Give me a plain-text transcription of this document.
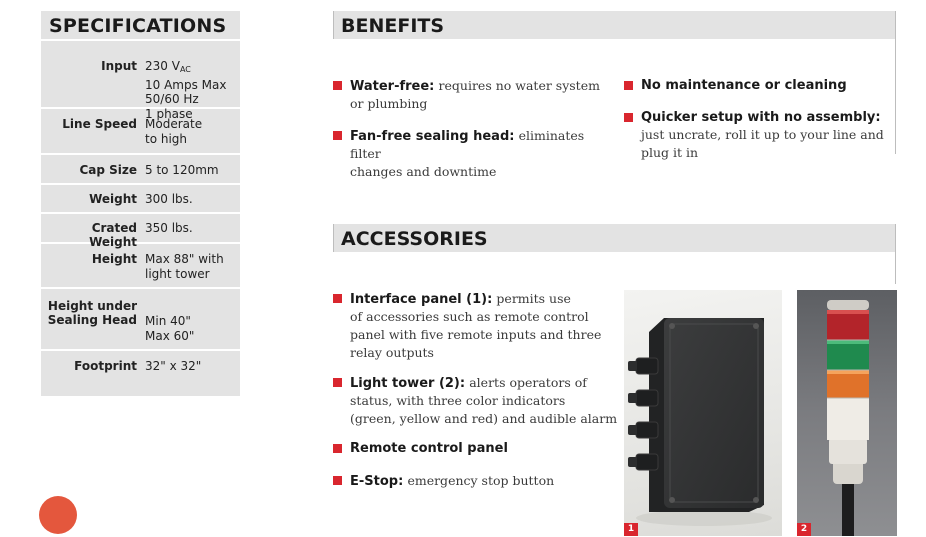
SPECIFICATIONS
Input 230 $V_{AC}$
10 Amps Max
50/60 Hz
1 phase
Line Speed Moderate
to high
Cap Size 5 to 120mm
Weight 300 lbs.
Crated Weight
350 lbs.
Height Max 88" with
light tower
Height under
Sealing Head Min 40"
Max 60"
Footprint 32" x 32"
BENEFITS
Water-free: requires no water system
or plumbing
Fan-free sealing head: eliminates filter
changes and downtime
No maintenance or cleaning
Quicker setup with no assembly:
just uncrate, roll it up to your line and
plug it in
ACCESSORIES
Interface panel (1): permits use
of accessories such as remote control
panel with five remote inputs and three
relay outputs
Light tower (2): alerts operators of
status, with three color indicators
(green, yellow and red) and audible alarm
Remote control panel
E-Stop: emergency stop button
1	2
